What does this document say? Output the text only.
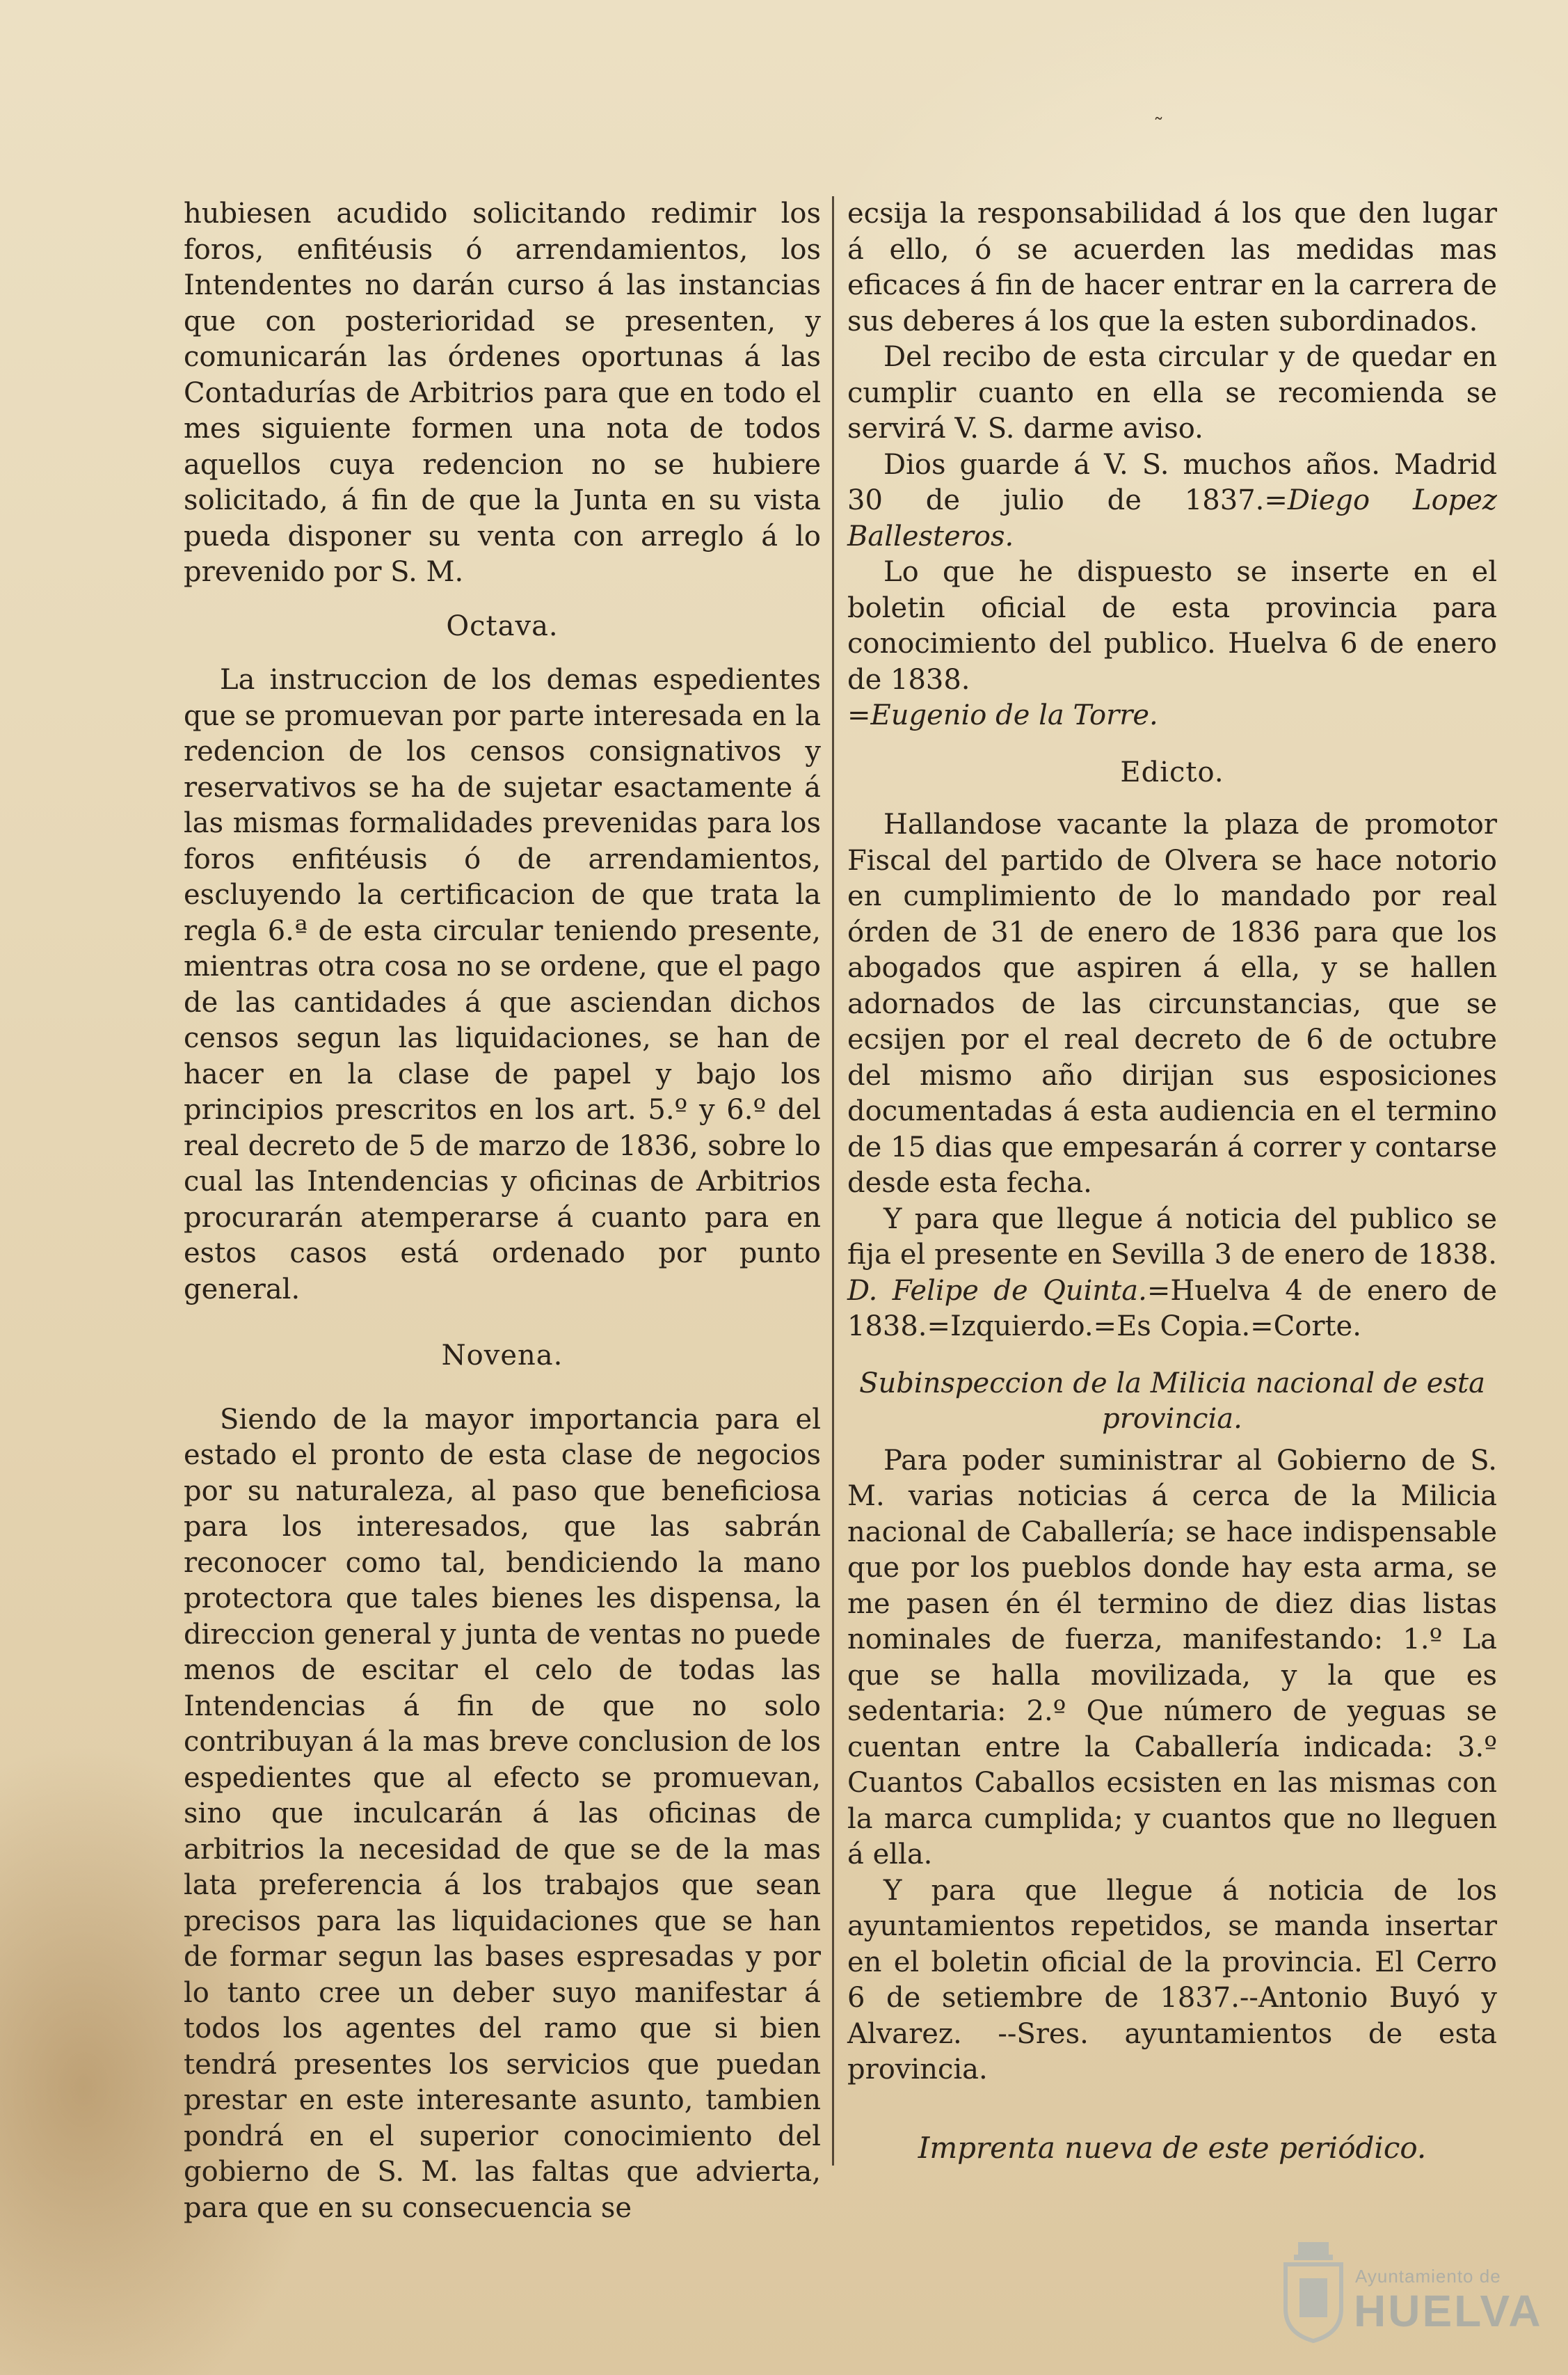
˜

hubiesen acudido solicitando redimir los foros, enfitéusis ó arrendamientos, los Intendentes no darán curso á las instancias que con posterioridad se presenten, y comunicarán las órdenes oportunas á las Contadurías de Arbitrios para que en todo el mes siguiente formen una nota de todos aquellos cuya redencion no se hubiere solicitado, á fin de que la Junta en su vista pueda disponer su venta con arreglo á lo prevenido por S. M.

Octava.

La instruccion de los demas espedientes que se promuevan por parte interesada en la redencion de los censos consignativos y reservativos se ha de sujetar esactamente á las mismas formalidades prevenidas para los foros enfitéusis ó de arrendamientos, escluyendo la certificacion de que trata la regla 6.ª de esta circular teniendo presente, mientras otra cosa no se ordene, que el pago de las cantidades á que asciendan dichos censos segun las liquidaciones, se han de hacer en la clase de papel y bajo los principios prescritos en los art. 5.º y 6.º del real decreto de 5 de marzo de 1836, sobre lo cual las Intendencias y oficinas de Arbitrios procurarán atemperarse á cuanto para en estos casos está ordenado por punto general.

Novena.

Siendo de la mayor importancia para el estado el pronto de esta clase de negocios por su naturaleza, al paso que beneficiosa para los interesados, que las sabrán reconocer como tal, bendiciendo la mano protectora que tales bienes les dispensa, la direccion general y junta de ventas no puede menos de escitar el celo de todas las Intendencias á fin de que no solo contribuyan á la mas breve conclusion de los espedientes que al efecto se promuevan, sino que inculcarán á las oficinas de arbitrios la necesidad de que se de la mas lata preferencia á los trabajos que sean precisos para las liquidaciones que se han de formar segun las bases espresadas y por lo tanto cree un deber suyo manifestar á todos los agentes del ramo que si bien tendrá presentes los servicios que puedan prestar en este interesante asunto, tambien pondrá en el superior conocimiento del gobierno de S. M. las faltas que advierta, para que en su consecuencia se

ecsija la responsabilidad á los que den lugar á ello, ó se acuerden las medidas mas eficaces á fin de hacer entrar en la carrera de sus deberes á los que la esten subordinados.

Del recibo de esta circular y de quedar en cumplir cuanto en ella se recomienda se servirá V. S. darme aviso.

Dios guarde á V. S. muchos años. Madrid 30 de julio de 1837.=Diego Lopez Ballesteros.

Lo que he dispuesto se inserte en el boletin oficial de esta provincia para conocimiento del publico. Huelva 6 de enero de 1838.
=Eugenio de la Torre.

Edicto.

Hallandose vacante la plaza de promotor Fiscal del partido de Olvera se hace notorio en cumplimiento de lo mandado por real órden de 31 de enero de 1836 para que los abogados que aspiren á ella, y se hallen adornados de las circunstancias, que se ecsijen por el real decreto de 6 de octubre del mismo año dirijan sus esposiciones documentadas á esta audiencia en el termino de 15 dias que empesarán á correr y contarse desde esta fecha.

Y para que llegue á noticia del publico se fija el presente en Sevilla 3 de enero de 1838. D. Felipe de Quinta.=Huelva 4 de enero de 1838.=Izquierdo.=Es Copia.=Corte.

Subinspeccion de la Milicia nacional de esta provincia.

Para poder suministrar al Gobierno de S. M. varias noticias á cerca de la Milicia nacional de Caballería; se hace indispensable que por los pueblos donde hay esta arma, se me pasen én él termino de diez dias listas nominales de fuerza, manifestando: 1.º La que se halla movilizada, y la que es sedentaria: 2.º Que número de yeguas se cuentan entre la Caballería indicada: 3.º Cuantos Caballos ecsisten en las mismas con la marca cumplida; y cuantos que no lleguen á ella.

Y para que llegue á noticia de los ayuntamientos repetidos, se manda insertar en el boletin oficial de la provincia. El Cerro 6 de setiembre de 1837.--Antonio Buyó y Alvarez. --Sres. ayuntamientos de esta provincia.

Imprenta nueva de este periódico.
Ayuntamiento de
HUELVA
